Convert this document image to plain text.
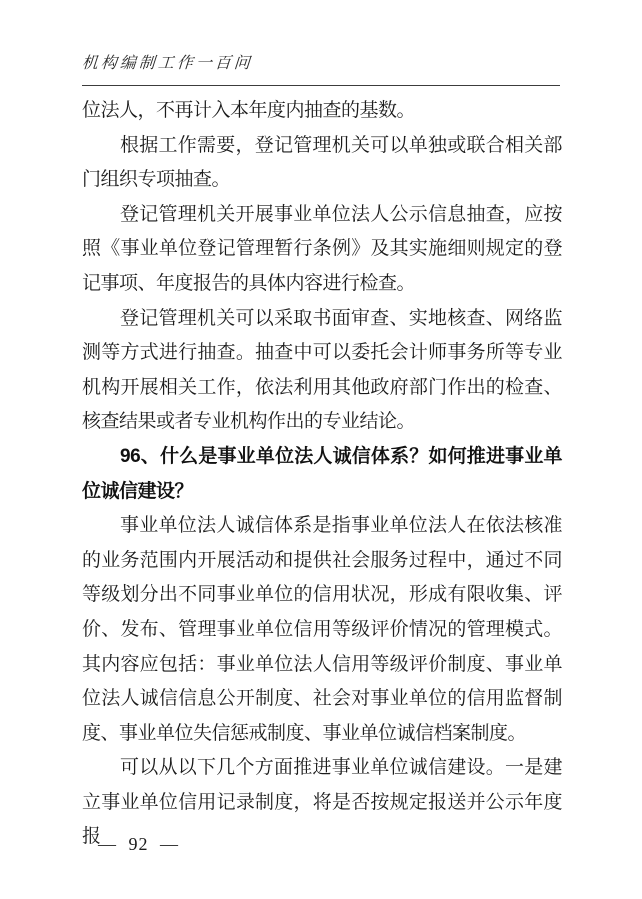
机构编制工作一百问

位法人，不再计入本年度内抽查的基数。

根据工作需要，登记管理机关可以单独或联合相关部门组织专项抽查。

登记管理机关开展事业单位法人公示信息抽查，应按照《事业单位登记管理暂行条例》及其实施细则规定的登记事项、年度报告的具体内容进行检查。

登记管理机关可以采取书面审查、实地核查、网络监测等方式进行抽查。抽查中可以委托会计师事务所等专业机构开展相关工作，依法利用其他政府部门作出的检查、核查结果或者专业机构作出的专业结论。

96、什么是事业单位法人诚信体系？如何推进事业单位诚信建设？

事业单位法人诚信体系是指事业单位法人在依法核准的业务范围内开展活动和提供社会服务过程中，通过不同等级划分出不同事业单位的信用状况，形成有限收集、评价、发布、管理事业单位信用等级评价情况的管理模式。其内容应包括：事业单位法人信用等级评价制度、事业单位法人诚信信息公开制度、社会对事业单位的信用监督制度、事业单位失信惩戒制度、事业单位诚信档案制度。

可以从以下几个方面推进事业单位诚信建设。一是建立事业单位信用记录制度，将是否按规定报送并公示年度报

— 92 —
